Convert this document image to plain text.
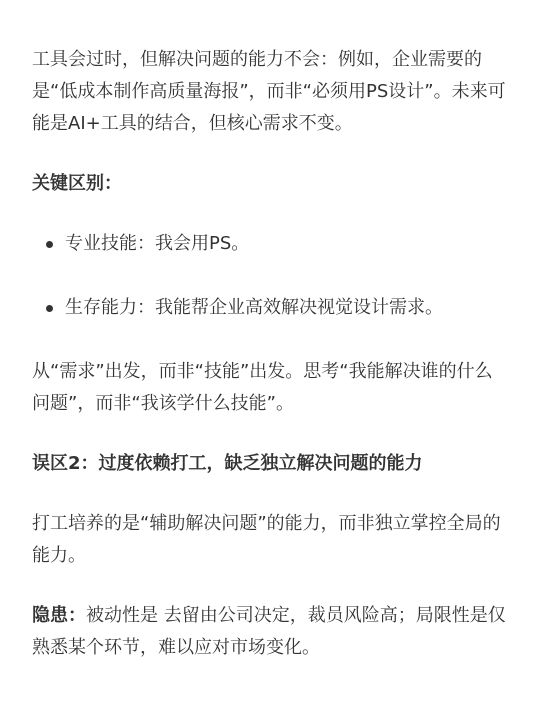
工具会过时，但解决问题的能力不会：例如，企业需要的是“低成本制作高质量海报”，而非“必须用PS设计”。未来可能是AI+工具的结合，但核心需求不变。

关键区别：

专业技能：我会用PS。
生存能力：我能帮企业高效解决视觉设计需求。

从“需求”出发，而非“技能”出发。思考“我能解决谁的什么问题”，而非“我该学什么技能”。

误区2：过度依赖打工，缺乏独立解决问题的能力

打工培养的是“辅助解决问题”的能力，而非独立掌控全局的能力。

隐患：被动性是 去留由公司决定，裁员风险高；局限性是仅熟悉某个环节，难以应对市场变化。
